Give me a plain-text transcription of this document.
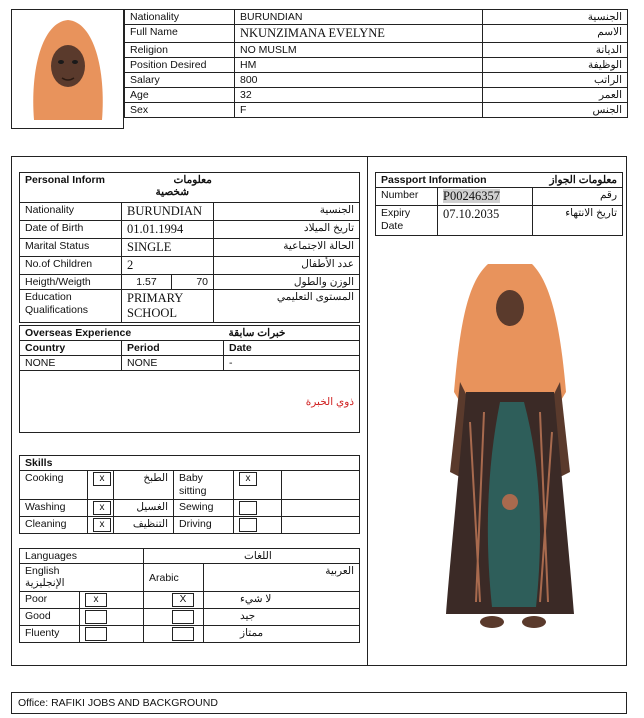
Nationality	BURUNDIAN	الجنسية
Full Name	NKUNZIMANA EVELYNE	الاسم
Religion	NO MUSLM	الديانة
Position Desired	HM	الوظيفة
Salary	800	الراتب
Age	32	العمر
Sex	F	الجنس
Personal Inform			معلومات
شخصية

Nationality	BURUNDIAN		الجنسية
Date of Birth	01.01.1994		تاريخ الميلاد
Marital Status	SINGLE		الحالة الاجتماعية
No.of Children	2		عدد الأطفال
Heigth/Weigth	1.57	70	الوزن والطول
Education Qualifications	PRIMARY SCHOOL		المستوى التعليمي
Passport Information		معلومات الجواز
Number	P00246357	رقم
Expiry Date	07.10.2035	تاريخ الانتهاء
Overseas Experience		خبرات سابقة
Country	Period	Date
NONE	NONE	-
ذوي الخبرة		
Skills					
Cooking	x	الطبخ	Baby sitting	x	
Washing	x	الغسيل	Sewing		
Cleaning	x	التنظيف	Driving		
Languages		اللغات	

English
الإنجليزية		Arabic	العربية
Poor	x	X	لا شيء
Good			جيد
Fluenty			ممتاز
Office: RAFIKI JOBS AND BACKGROUND
